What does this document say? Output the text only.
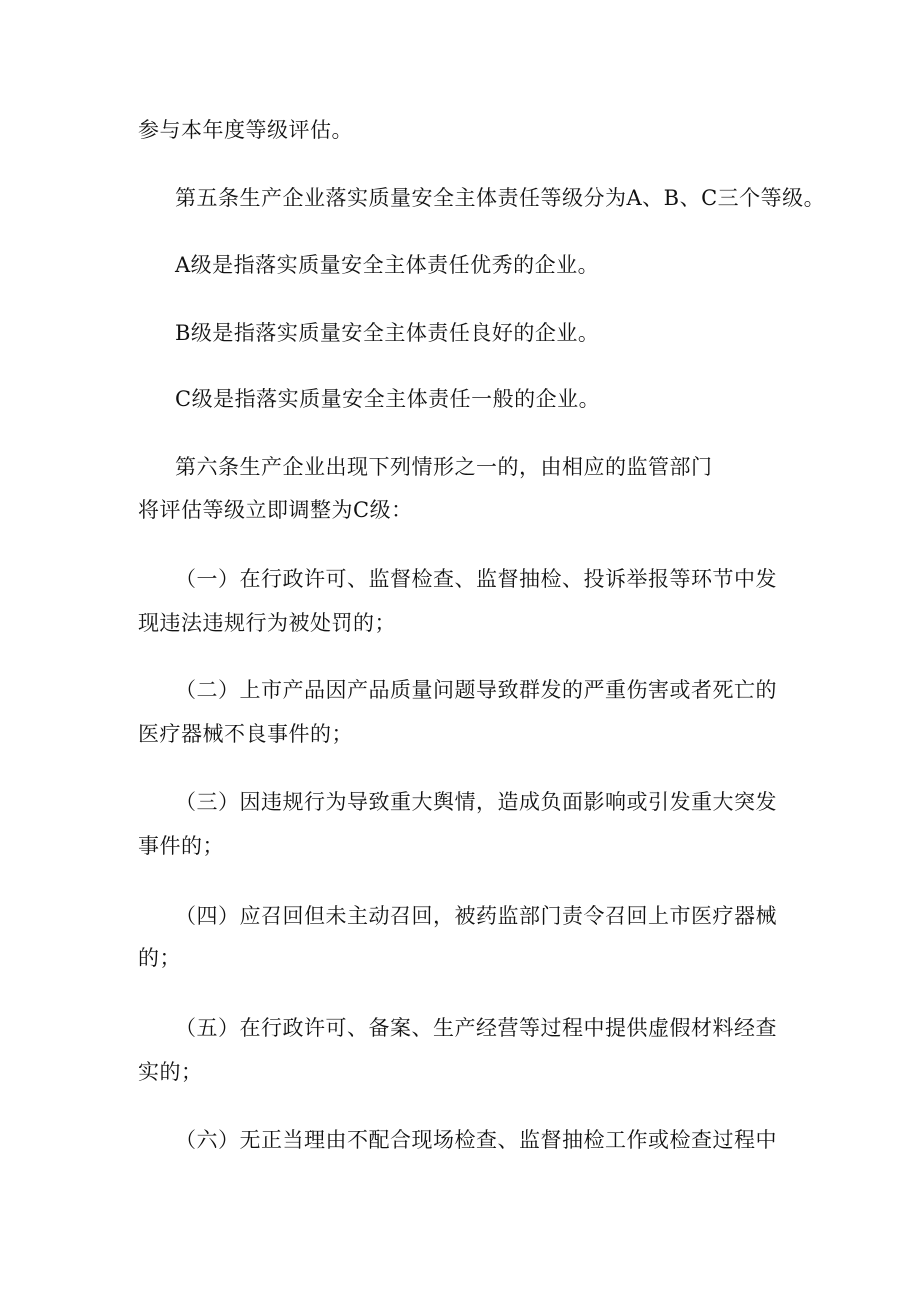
参与本年度等级评估。
第五条生产企业落实质量安全主体责任等级分为A、B、C三个等级。
A级是指落实质量安全主体责任优秀的企业。
B级是指落实质量安全主体责任良好的企业。
C级是指落实质量安全主体责任一般的企业。
第六条生产企业出现下列情形之一的，由相应的监管部门
将评估等级立即调整为C级：
（一）在行政许可、监督检查、监督抽检、投诉举报等环节中发
现违法违规行为被处罚的；
（二）上市产品因产品质量问题导致群发的严重伤害或者死亡的
医疗器械不良事件的；
（三）因违规行为导致重大舆情，造成负面影响或引发重大突发
事件的；
（四）应召回但未主动召回，被药监部门责令召回上市医疗器械
的；
（五）在行政许可、备案、生产经营等过程中提供虚假材料经查
实的；
（六）无正当理由不配合现场检查、监督抽检工作或检查过程中
